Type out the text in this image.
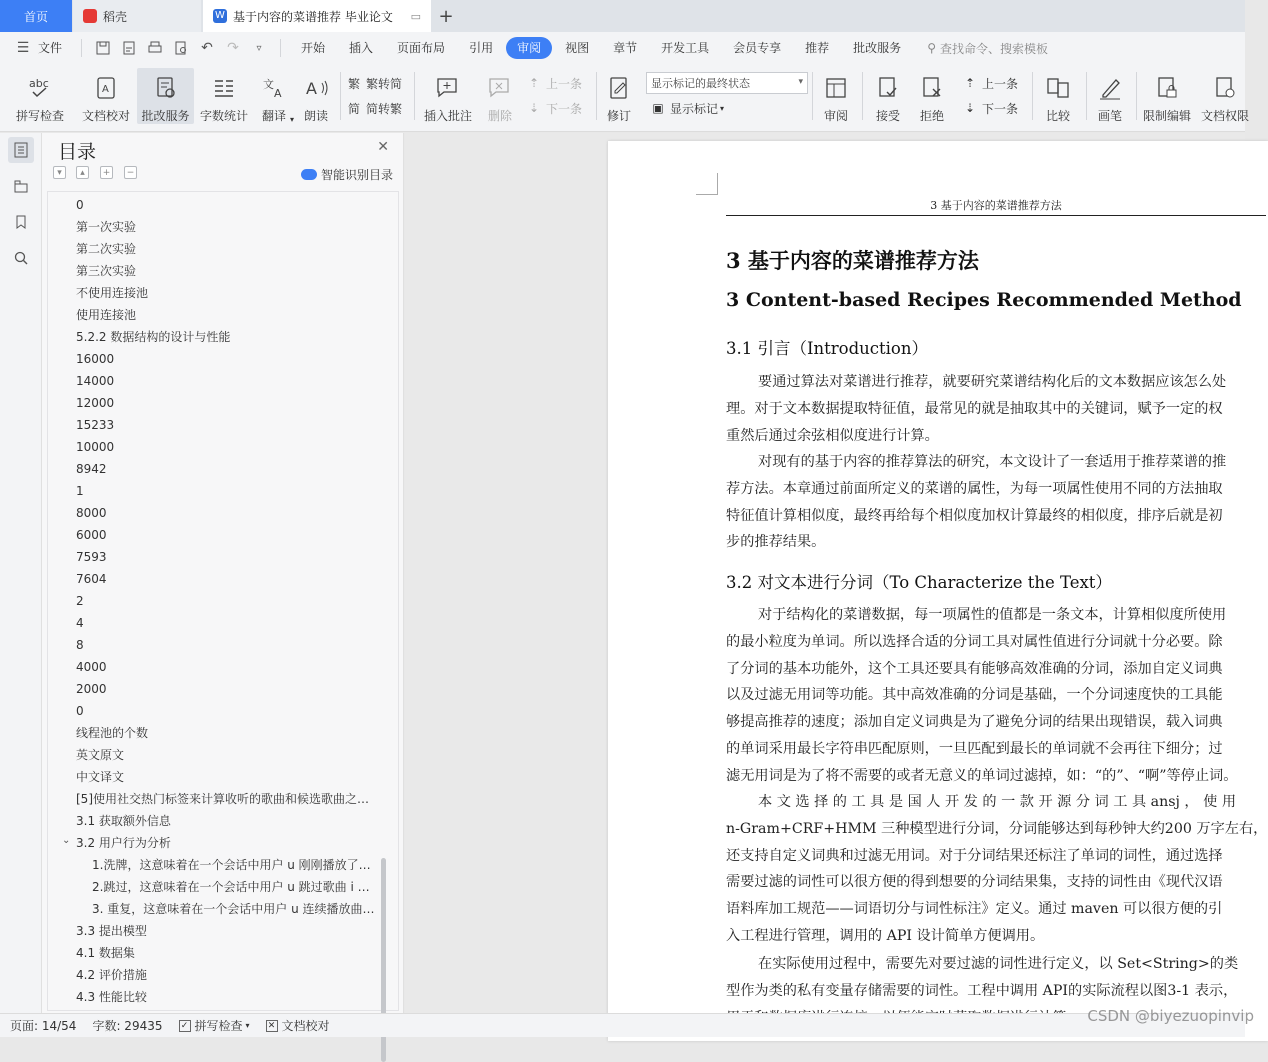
首页	稻壳	W 基于内容的菜谱推荐 毕业论文 ▭ +
☰ 文件	↶ ↷	▿	开始	插入	页面布局	引用	审阅	视图	章节	开发工具	会员专享	推荐	批改服务	⚲ 查找命令、搜索模板
abc
拼写检查
A
文档校对 批改服务 字数统计
文
A
翻译 ▾
A
朗读
繁 繁转简
简 简转繁
插入批注 删除
⇡ 上一条
⇣ 下一条
修订
显示标记的最终状态	▾
▣ 显示标记 ▾
审阅 接受 拒绝
⇡ 上一条
⇣ 下一条
比较 画笔 限制编辑 文档权限
目录	✕
▾	▴	+	−	智能识别目录
0
第一次实验
第二次实验
第三次实验
不使用连接池
使用连接池
5.2.2 数据结构的设计与性能
16000
14000
12000
15233
10000
8942
1
8000
6000
7593
7604
2
4
8
4000
2000
0
线程池的个数
英文原文
中文译文
[5]使用社交热门标签来计算收听的歌曲和候选歌曲之…
3.1 获取额外信息
3.2 用户行为分析
⌄
1.洗牌，这意味着在一个会话中用户 u 刚刚播放了…
2.跳过，这意味着在一个会话中用户 u 跳过歌曲 i …
3. 重复，这意味着在一个会话中用户 u 连续播放曲…
3.3 提出模型
4.1 数据集
4.2 评价措施
4.3 性能比较
3 基于内容的菜谱推荐方法
3 基于内容的菜谱推荐方法
3 Content-based Recipes Recommended Method
3.1 引言（Introduction）
3.2 对文本进行分词（To Characterize the Text）
要通过算法对菜谱进行推荐，就要研究菜谱结构化后的文本数据应该怎么处
理。对于文本数据提取特征值，最常见的就是抽取其中的关键词，赋予一定的权
重然后通过余弦相似度进行计算。
对现有的基于内容的推荐算法的研究，本文设计了一套适用于推荐菜谱的推
荐方法。本章通过前面所定义的菜谱的属性，为每一项属性使用不同的方法抽取
特征值计算相似度，最终再给每个相似度加权计算最终的相似度，排序后就是初
步的推荐结果。
对于结构化的菜谱数据，每一项属性的值都是一条文本，计算相似度所使用
的最小粒度为单词。所以选择合适的分词工具对属性值进行分词就十分必要。除
了分词的基本功能外，这个工具还要具有能够高效准确的分词，添加自定义词典
以及过滤无用词等功能。其中高效准确的分词是基础，一个分词速度快的工具能
够提高推荐的速度；添加自定义词典是为了避免分词的结果出现错误，载入词典
的单词采用最长字符串匹配原则，一旦匹配到最长的单词就不会再往下细分；过
滤无用词是为了将不需要的或者无意义的单词过滤掉，如：“的”、“啊”等停止词。
本 文 选 择 的 工 具 是 国 人 开 发 的 一 款 开 源 分 词 工 具 ansj ， 使 用
n-Gram+CRF+HMM 三种模型进行分词，分词能够达到每秒钟大约200 万字左右，
还支持自定义词典和过滤无用词。对于分词结果还标注了单词的词性，通过选择
需要过滤的词性可以很方便的得到想要的分词结果集，支持的词性由《现代汉语
语料库加工规范——词语切分与词性标注》定义。通过 maven 可以很方便的引
入工程进行管理，调用的 API 设计简单方便调用。
在实际使用过程中，需要先对要过滤的词性进行定义，以 Set<String>的类
型作为类的私有变量存储需要的词性。工程中调用 API的实际流程以图3-1 表示，
页面: 14/54 字数: 29435 ✓ 拼写检查 ▾ ✕ 文档校对
CSDN @biyezuopinvip
